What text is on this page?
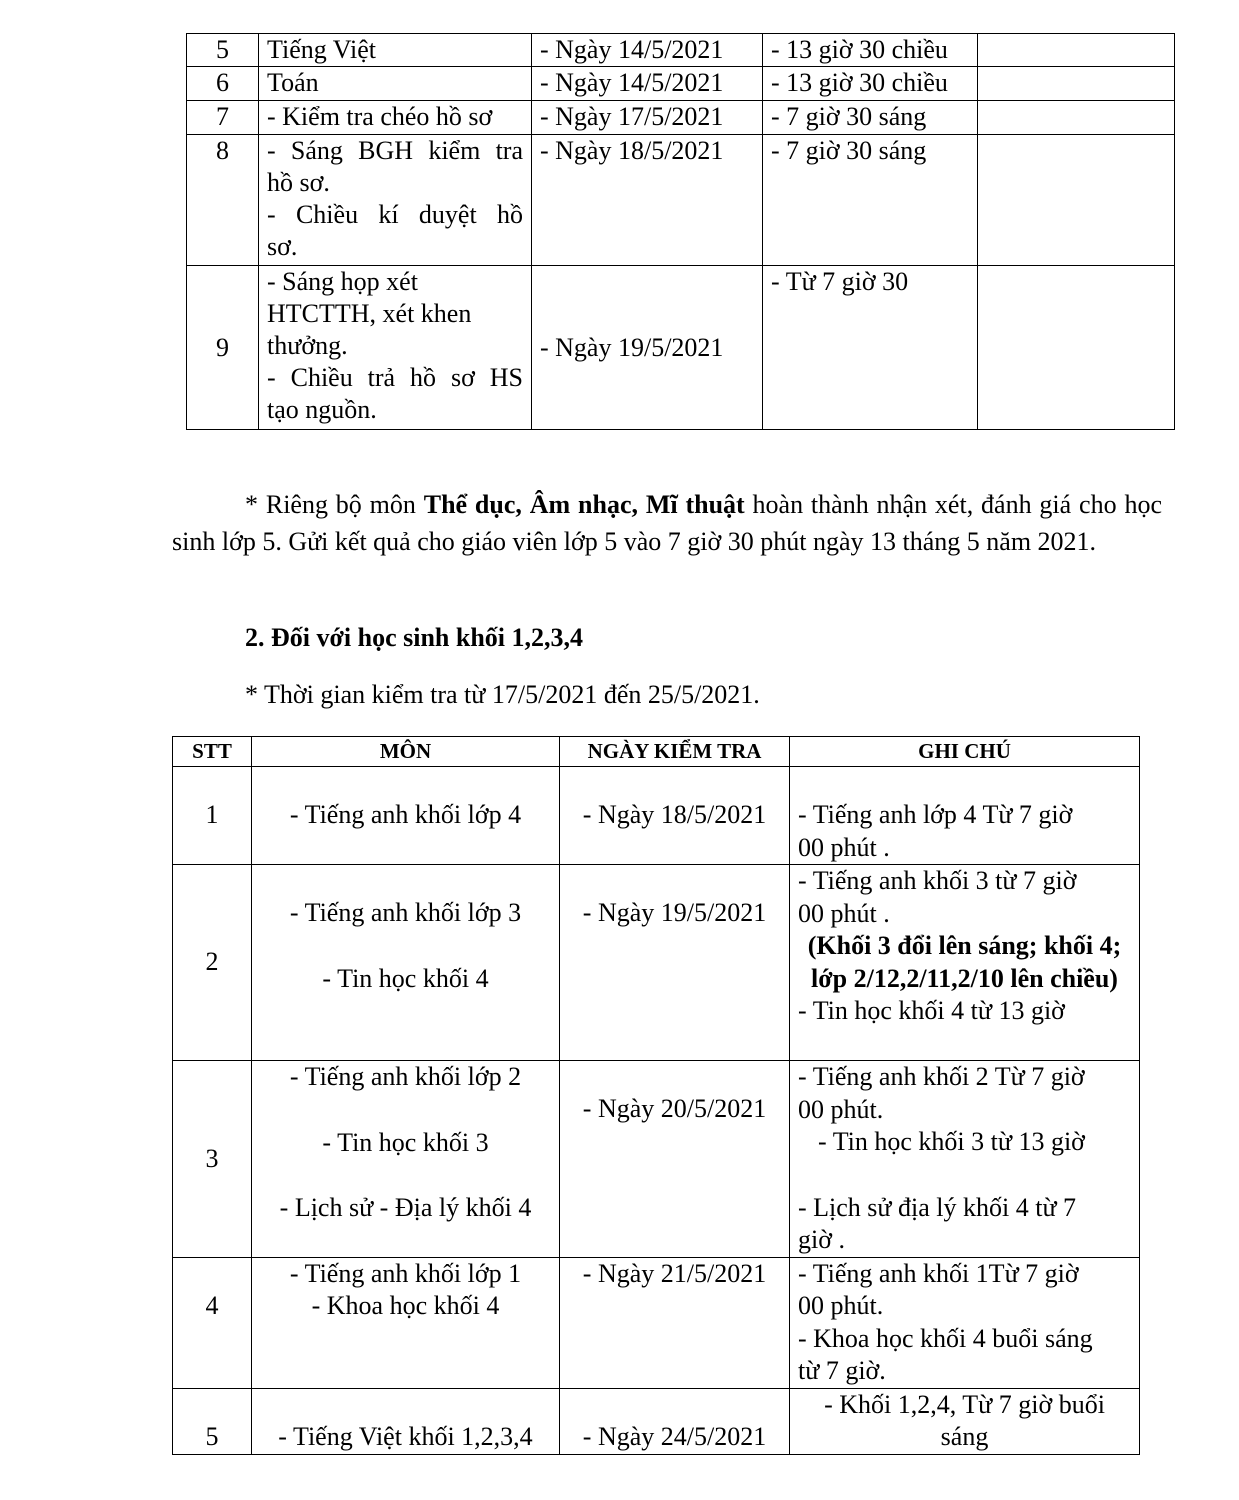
5	Tiếng Việt	- Ngày 14/5/2021	- 13 giờ 30 chiều	
6	Toán	- Ngày 14/5/2021	- 13 giờ 30 chiều	
7	- Kiểm tra chéo hồ sơ	- Ngày 17/5/2021	- 7 giờ 30 sáng	
8	- Sáng BGH kiểm tra
hồ sơ.
- Chiều kí duyệt hồ
sơ.	- Ngày 18/5/2021	- 7 giờ 30 sáng	
9	- Sáng họp xét
HTCTTH, xét khen
thưởng.
- Chiều trả hồ sơ HS
tạo nguồn.	- Ngày 19/5/2021	- Từ 7 giờ 30	
* Riêng bộ môn Thể dục, Âm nhạc, Mĩ thuật hoàn thành nhận xét, đánh giá cho học sinh lớp 5. Gửi kết quả cho giáo viên lớp 5 vào 7 giờ 30 phút ngày 13 tháng 5 năm 2021.
2. Đối với học sinh khối 1,2,3,4
* Thời gian kiểm tra từ 17/5/2021 đến 25/5/2021.
STT	MÔN	NGÀY KIỂM TRA	GHI CHÚ
1	- Tiếng anh khối lớp 4	- Ngày 18/5/2021	- Tiếng anh lớp 4 Từ 7 giờ
00 phút .

2	- Tiếng anh khối lớp 3
- Tin học khối 4	- Ngày 19/5/2021	- Tiếng anh khối 3 từ 7 giờ
00 phút .
(Khối 3 đổi lên sáng; khối 4; lớp 2/12,2/11,2/10 lên chiều)
- Tin học khối 4 từ 13 giờ

3	- Tiếng anh khối lớp 2
- Tin học khối 3
- Lịch sử - Địa lý khối 4	- Ngày 20/5/2021	- Tiếng anh khối 2 Từ 7 giờ
00 phút.
- Tin học khối 3 từ 13 giờ
- Lịch sử địa lý khối 4 từ 7
giờ .

4	- Tiếng anh khối lớp 1
- Khoa học khối 4	- Ngày 21/5/2021	- Tiếng anh khối 1Từ 7 giờ
00 phút.
- Khoa học khối 4 buổi sáng
từ 7 giờ.

5	- Tiếng Việt khối 1,2,3,4	- Ngày 24/5/2021	- Khối 1,2,4, Từ 7 giờ buổi
sáng
